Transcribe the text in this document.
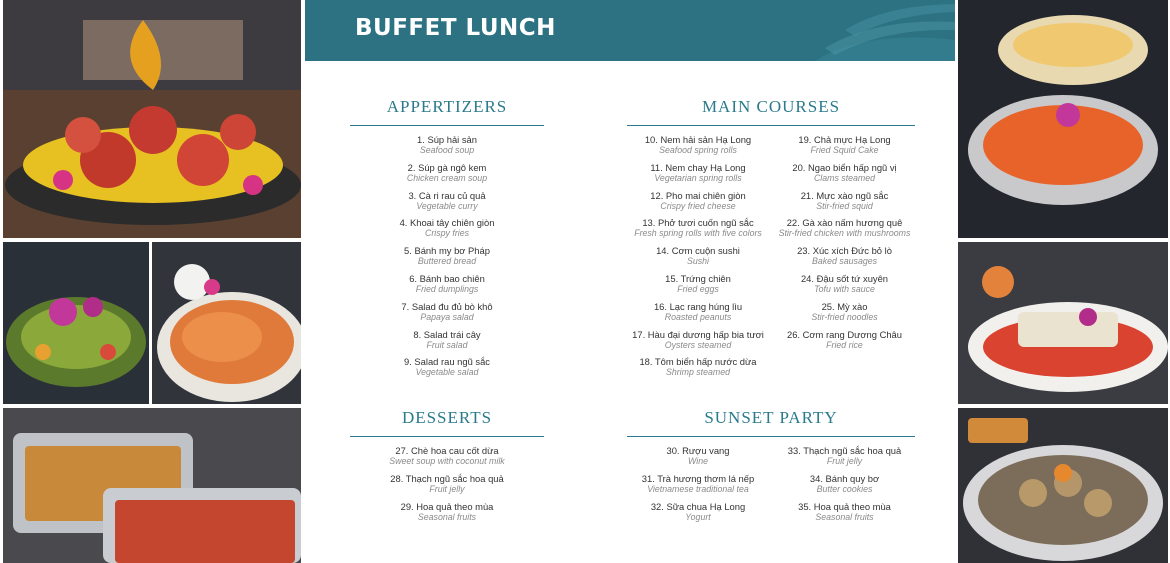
BUFFET LUNCH
APPERTIZERS
1. Súp hải sản
Seafood soup
2. Súp gà ngô kem
Chicken cream soup
3. Cà ri rau củ quả
Vegetable curry
4. Khoai tây chiên giòn
Crispy fries
5. Bánh my bơ Pháp
Buttered bread
6. Bánh bao chiên
Fried dumplings
7. Salad đu đủ bò khô
Papaya salad
8. Salad trái cây
Fruit salad
9. Salad rau ngũ sắc
Vegetable salad
MAIN COURSES
10. Nem hải sản Hạ Long
Seafood spring rolls
11. Nem chay Hạ Long
Vegetarian spring rolls
12. Pho mai chiên giòn
Crispy fried cheese
13. Phở tươi cuốn ngũ sắc
Fresh spring rolls with five colors
14. Cơm cuộn sushi
Sushi
15. Trứng chiên
Fried eggs
16. Lạc rang húng lìu
Roasted peanuts
17. Hàu đại dương hấp bia tươi
Oysters steamed
18. Tôm biển hấp nước dừa
Shrimp steamed
19. Chả mực Hạ Long
Fried Squid Cake
20. Ngao biển hấp ngũ vị
Clams steamed
21. Mực xào ngũ sắc
Stir-fried squid
22. Gà xào nấm hương quê
Stir-fried chicken with mushrooms
23. Xúc xích Đức bỏ lò
Baked sausages
24. Đậu sốt tứ xuyên
Tofu with sauce
25. Mỳ xào
Stir-fried noodles
26. Cơm rang Dương Châu
Fried rice
DESSERTS
27. Chè hoa cau cốt dừa
Sweet soup with coconut milk
28. Thạch ngũ sắc hoa quả
Fruit jelly
29. Hoa quả theo mùa
Seasonal fruits
SUNSET PARTY
30. Rượu vang
Wine
31. Trà hương thơm lá nếp
Vietnamese traditional tea
32. Sữa chua Hạ Long
Yogurt
33. Thạch ngũ sắc hoa quả
Fruit jelly
34. Bánh quy bơ
Butter cookies
35. Hoa quả theo mùa
Seasonal fruits
